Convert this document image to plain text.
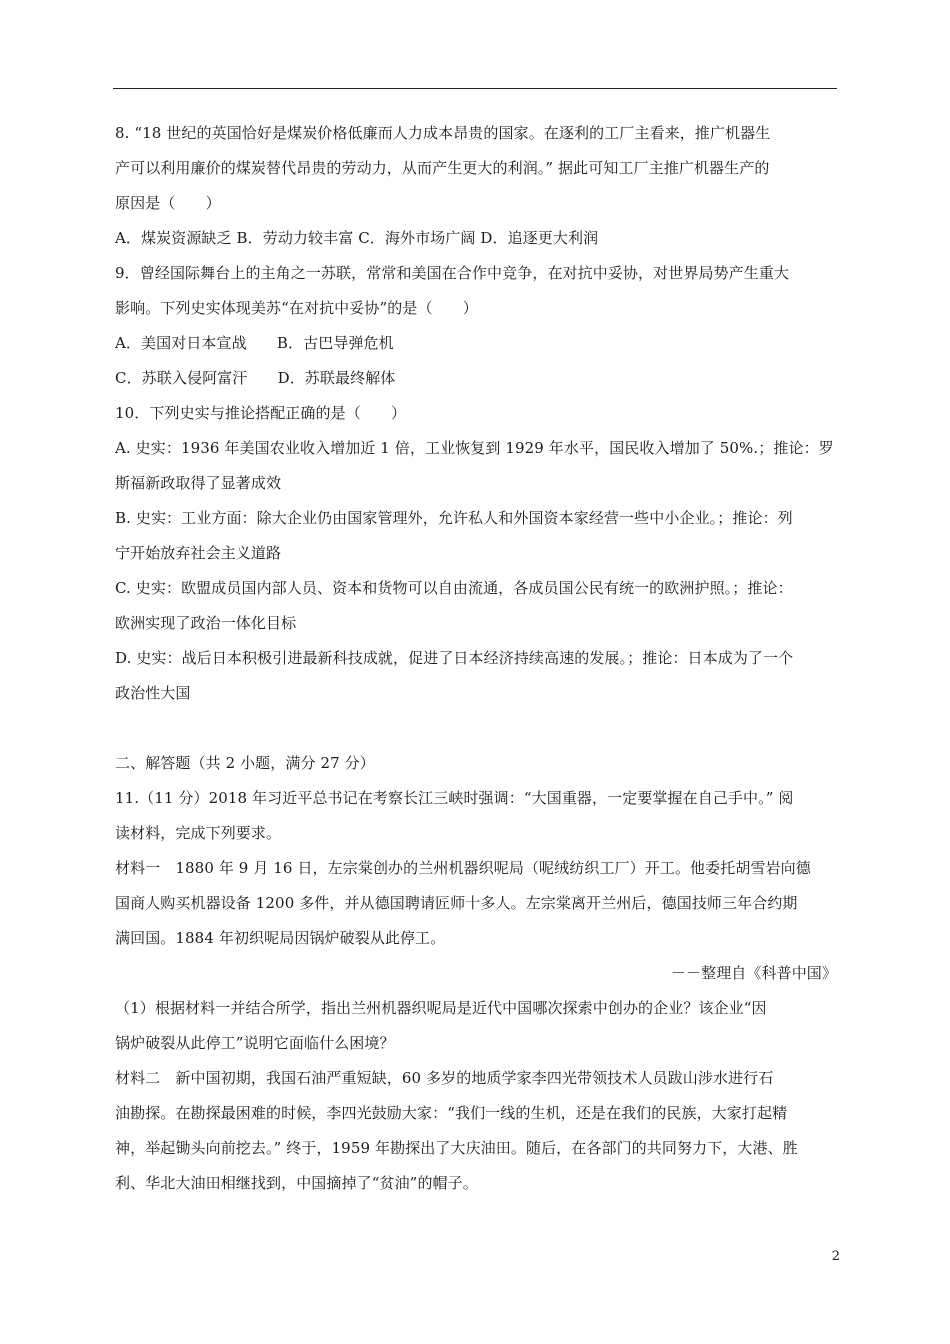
8. “18 世纪的英国恰好是煤炭价格低廉而人力成本昂贵的国家。在逐利的工厂主看来，推广机器生

产可以利用廉价的煤炭替代昂贵的劳动力，从而产生更大的利润。” 据此可知工厂主推广机器生产的

原因是（　　）

A．煤炭资源缺乏 B．劳动力较丰富 C．海外市场广阔 D．追逐更大利润

9．曾经国际舞台上的主角之一苏联，常常和美国在合作中竞争，在对抗中妥协，对世界局势产生重大

影响。下列史实体现美苏“在对抗中妥协”的是（　　）

A．美国对日本宣战　　B．古巴导弹危机

C．苏联入侵阿富汗　　D．苏联最终解体

10．下列史实与推论搭配正确的是（　　）

A. 史实：1936 年美国农业收入增加近 1 倍，工业恢复到 1929 年水平，国民收入增加了 50%.；推论：罗

斯福新政取得了显著成效

B. 史实：工业方面：除大企业仍由国家管理外，允许私人和外国资本家经营一些中小企业。；推论：列

宁开始放弃社会主义道路

C. 史实：欧盟成员国内部人员、资本和货物可以自由流通，各成员国公民有统一的欧洲护照。；推论：

欧洲实现了政治一体化目标

D. 史实：战后日本积极引进最新科技成就，促进了日本经济持续高速的发展。；推论：日本成为了一个

政治性大国

二、解答题（共 2 小题，满分 27 分）

11.（11 分）2018 年习近平总书记在考察长江三峡时强调：“大国重器，一定要掌握在自己手中。” 阅

读材料，完成下列要求。

材料一　1880 年 9 月 16 日，左宗棠创办的兰州机器织呢局（呢绒纺织工厂）开工。他委托胡雪岩向德

国商人购买机器设备 1200 多件，并从德国聘请匠师十多人。左宗棠离开兰州后，德国技师三年合约期

满回国。1884 年初织呢局因锅炉破裂从此停工。

－－整理自《科普中国》

（1）根据材料一并结合所学，指出兰州机器织呢局是近代中国哪次探索中创办的企业？该企业“因

锅炉破裂从此停工”说明它面临什么困境？

材料二　新中国初期，我国石油严重短缺，60 多岁的地质学家李四光带领技术人员跋山涉水进行石

油勘探。在勘探最困难的时候，李四光鼓励大家：“我们一线的生机，还是在我们的民族，大家打起精

神，举起锄头向前挖去。” 终于，1959 年勘探出了大庆油田。随后，在各部门的共同努力下，大港、胜

利、华北大油田相继找到，中国摘掉了“贫油”的帽子。

2
